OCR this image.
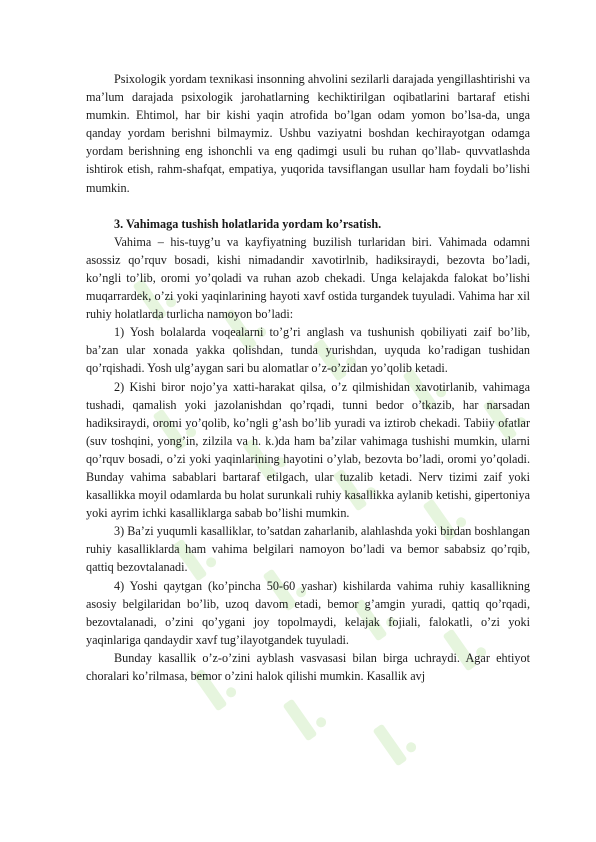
Psixologik yordam texnikasi insonning ahvolini sezilarli darajada yengillashtirishi va ma’lum darajada psixologik jarohatlarning kechiktirilgan oqibatlarini bartaraf etishi mumkin. Ehtimol, har bir kishi yaqin atrofida bo’lgan odam yomon bo’lsa-da, unga qanday yordam berishni bilmaymiz. Ushbu vaziyatni boshdan kechirayotgan odamga yordam berishning eng ishonchli va eng qadimgi usuli bu ruhan qo’llab- quvvatlashda ishtirok etish, rahm-shafqat, empatiya, yuqorida tavsiflangan usullar ham foydali bo’lishi mumkin.

3. Vahimaga tushish holatlarida yordam ko’rsatish.

Vahima – his-tuyg’u va kayfiyatning buzilish turlaridan biri. Vahimada odamni asossiz qo’rquv bosadi, kishi nimadandir xavotirlnib, hadiksiraydi, bezovta bo’ladi, ko’ngli to’lib, oromi yo’qoladi va ruhan azob chekadi. Unga kelajakda falokat bo’lishi muqarrardek, o’zi yoki yaqinlarining hayoti xavf ostida turgandek tuyuladi. Vahima har xil ruhiy holatlarda turlicha namoyon bo’ladi:

1) Yosh bolalarda voqealarni to’g’ri anglash va tushunish qobiliyati zaif bo’lib, ba’zan ular xonada yakka qolishdan, tunda yurishdan, uyquda ko’radigan tushidan qo’rqishadi. Yosh ulg’aygan sari bu alomatlar o’z-o’zidan yo’qolib ketadi.

2) Kishi biror nojo’ya xatti-harakat qilsa, o’z qilmishidan xavotirlanib, vahimaga tushadi, qamalish yoki jazolanishdan qo’rqadi, tunni bedor o’tkazib, har narsadan hadiksiraydi, oromi yo’qolib, ko’ngli g’ash bo’lib yuradi va iztirob chekadi. Tabiiy ofatlar (suv toshqini, yong’in, zilzila va h. k.)da ham ba’zilar vahimaga tushishi mumkin, ularni qo’rquv bosadi, o’zi yoki yaqinlarining hayotini o’ylab, bezovta bo’ladi, oromi yo’qoladi. Bunday vahima sabablari bartaraf etilgach, ular tuzalib ketadi. Nerv tizimi zaif yoki kasallikka moyil odamlarda bu holat surunkali ruhiy kasallikka aylanib ketishi, gipertoniya yoki ayrim ichki kasalliklarga sabab bo’lishi mumkin.

3) Ba’zi yuqumli kasalliklar, to’satdan zaharlanib, alahlashda yoki birdan boshlangan ruhiy kasalliklarda ham vahima belgilari namoyon bo’ladi va bemor sababsiz qo’rqib, qattiq bezovtalanadi.

4) Yoshi qaytgan (ko’pincha 50-60 yashar) kishilarda vahima ruhiy kasallikning asosiy belgilaridan bo’lib, uzoq davom etadi, bemor g’amgin yuradi, qattiq qo’rqadi, bezovtalanadi, o’zini qo’ygani joy topolmaydi, kelajak fojiali, falokatli, o’zi yoki yaqinlariga qandaydir xavf tug’ilayotgandek tuyuladi.

Bunday kasallik o’z-o’zini ayblash vasvasasi bilan birga uchraydi. Agar ehtiyot choralari ko’rilmasa, bemor o’zini halok qilishi mumkin. Kasallik avj
